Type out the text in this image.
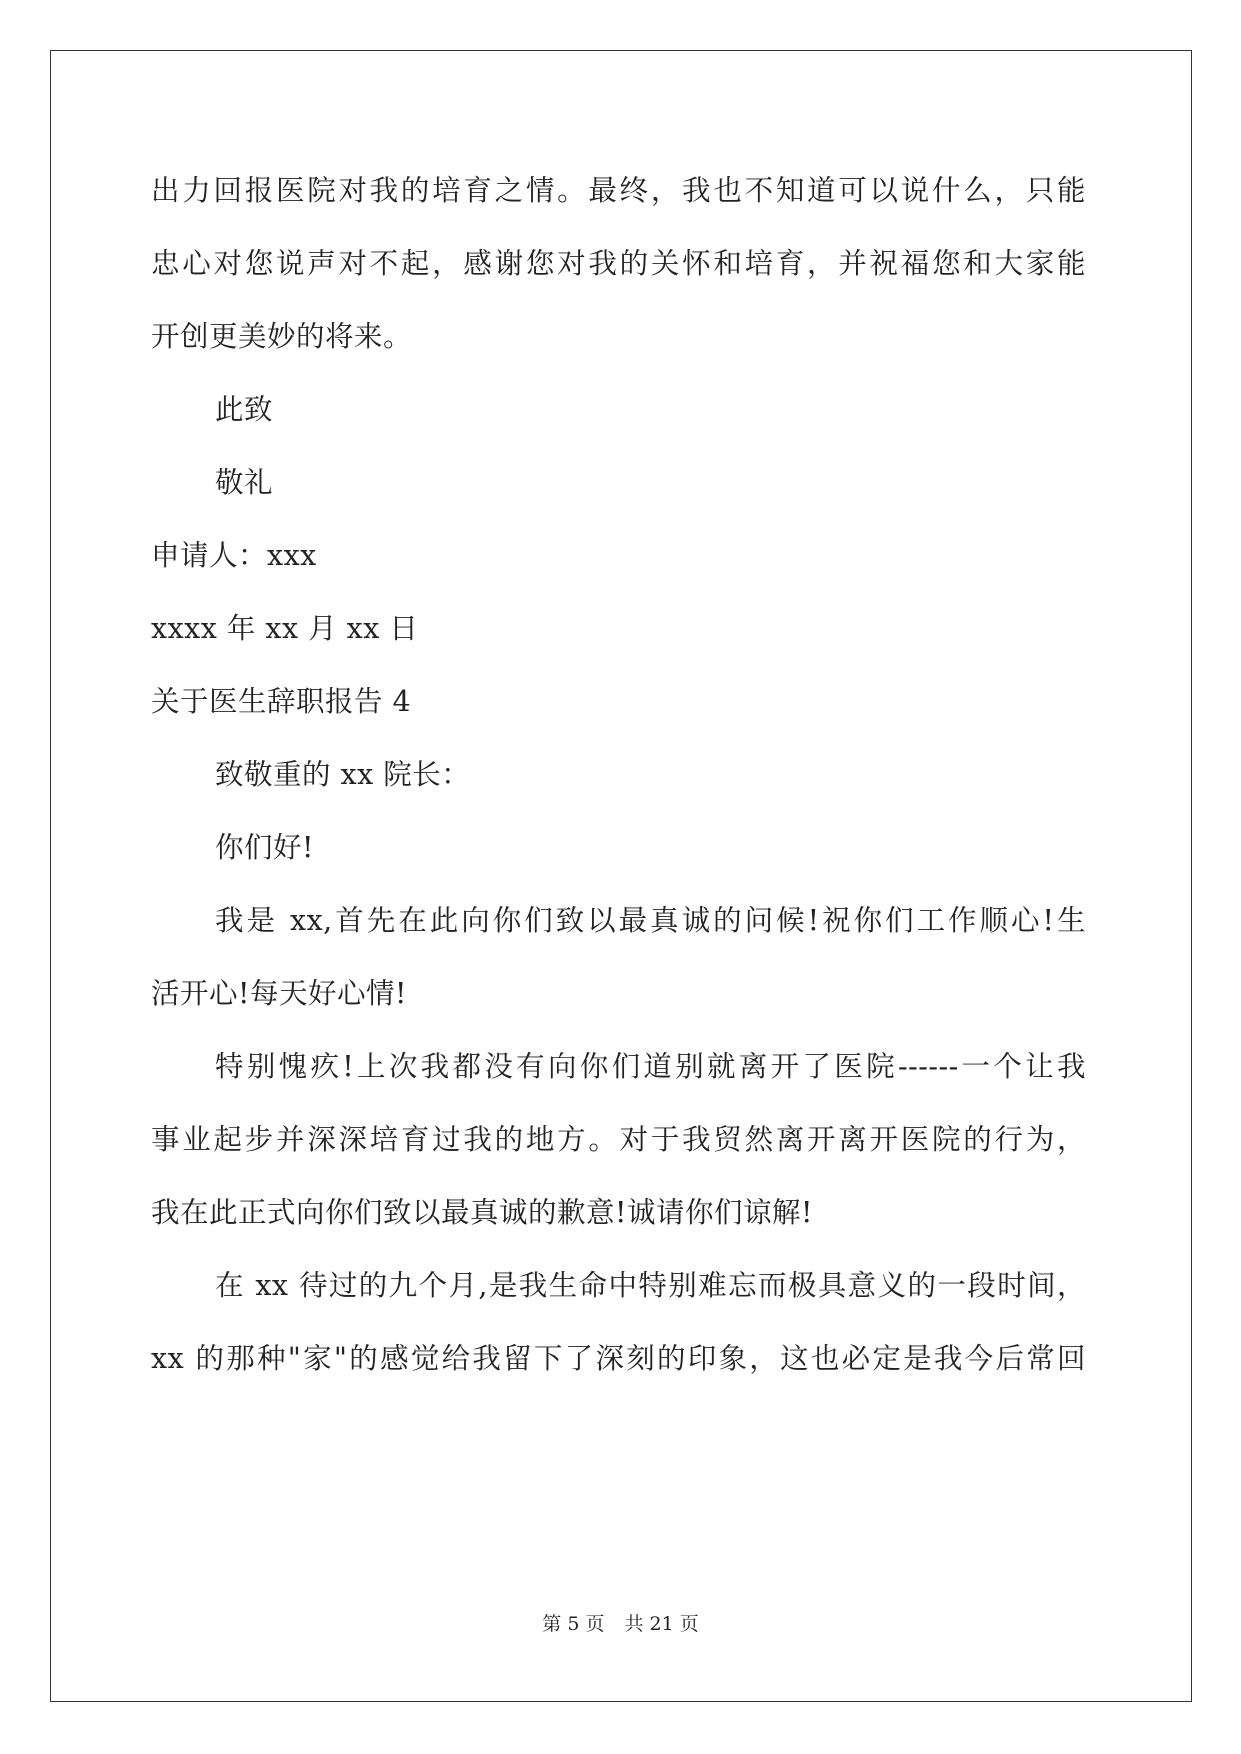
出力回报医院对我的培育之情。最终，我也不知道可以说什么，只能
忠心对您说声对不起，感谢您对我的关怀和培育，并祝福您和大家能
开创更美妙的将来。
此致
敬礼
申请人：xxx
xxxx 年 xx 月 xx 日
关于医生辞职报告 4
致敬重的 xx 院长：
你们好!
我是 xx,首先在此向你们致以最真诚的问候!祝你们工作顺心!生
活开心!每天好心情!
特别愧疚!上次我都没有向你们道别就离开了医院------一个让我
事业起步并深深培育过我的地方。对于我贸然离开离开医院的行为，
我在此正式向你们致以最真诚的歉意!诚请你们谅解!
在 xx 待过的九个月,是我生命中特别难忘而极具意义的一段时间，
xx 的那种"家"的感觉给我留下了深刻的印象，这也必定是我今后常回
第 5 页 共 21 页
